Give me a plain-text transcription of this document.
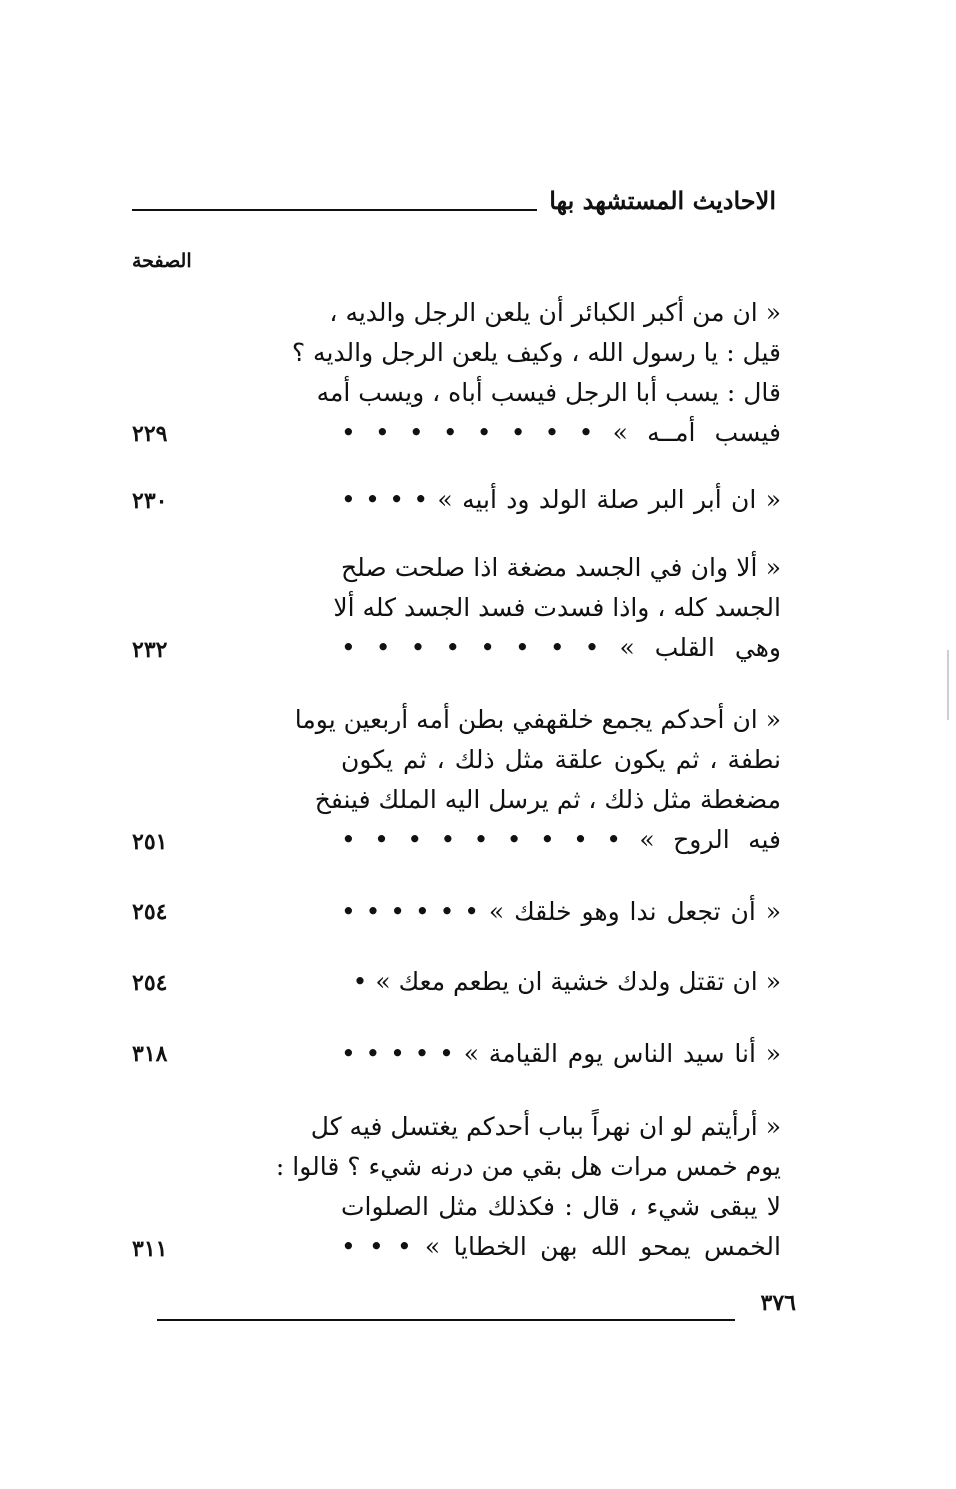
الاحاديث المستشهد بها
الصفحة
« ان من أكبر الكبائر أن يلعن الرجل والديه ،
قيل : يا رسول الله ، وكيف يلعن الرجل والديه ؟
قال : يسب أبا الرجل فيسب أباه ، ويسب أمه
فيسب أمــه » • • • • • • • •
٢٢٩
« ان أبر البر صلة الولد ود أبيه » • • • •
٢٣٠
« ألا وان في الجسد مضغة اذا صلحت صلح
الجسد كله ، واذا فسدت فسد الجسد كله ألا
وهي القلب » • • • • • • • •
٢٣٢
« ان أحدكم يجمع خلقهفي بطن أمه أربعين يوما
نطفة ، ثم يكون علقة مثل ذلك ، ثم يكون
مضغطة مثل ذلك ، ثم يرسل اليه الملك فينفخ
فيه الروح » • • • • • • • • •
٢٥١
« أن تجعل ندا وهو خلقك » • • • • • •
٢٥٤
« ان تقتل ولدك خشية ان يطعم معك » •
٢٥٤
« أنا سيد الناس يوم القيامة » • • • • •
٣١٨
« أرأيتم لو ان نهراً بباب أحدكم يغتسل فيه كل
يوم خمس مرات هل بقي من درنه شيء ؟ قالوا :
لا يبقى شيء ، قال : فكذلك مثل الصلوات
الخمس يمحو الله بهن الخطايا » • • •
٣١١
٣٧٦
